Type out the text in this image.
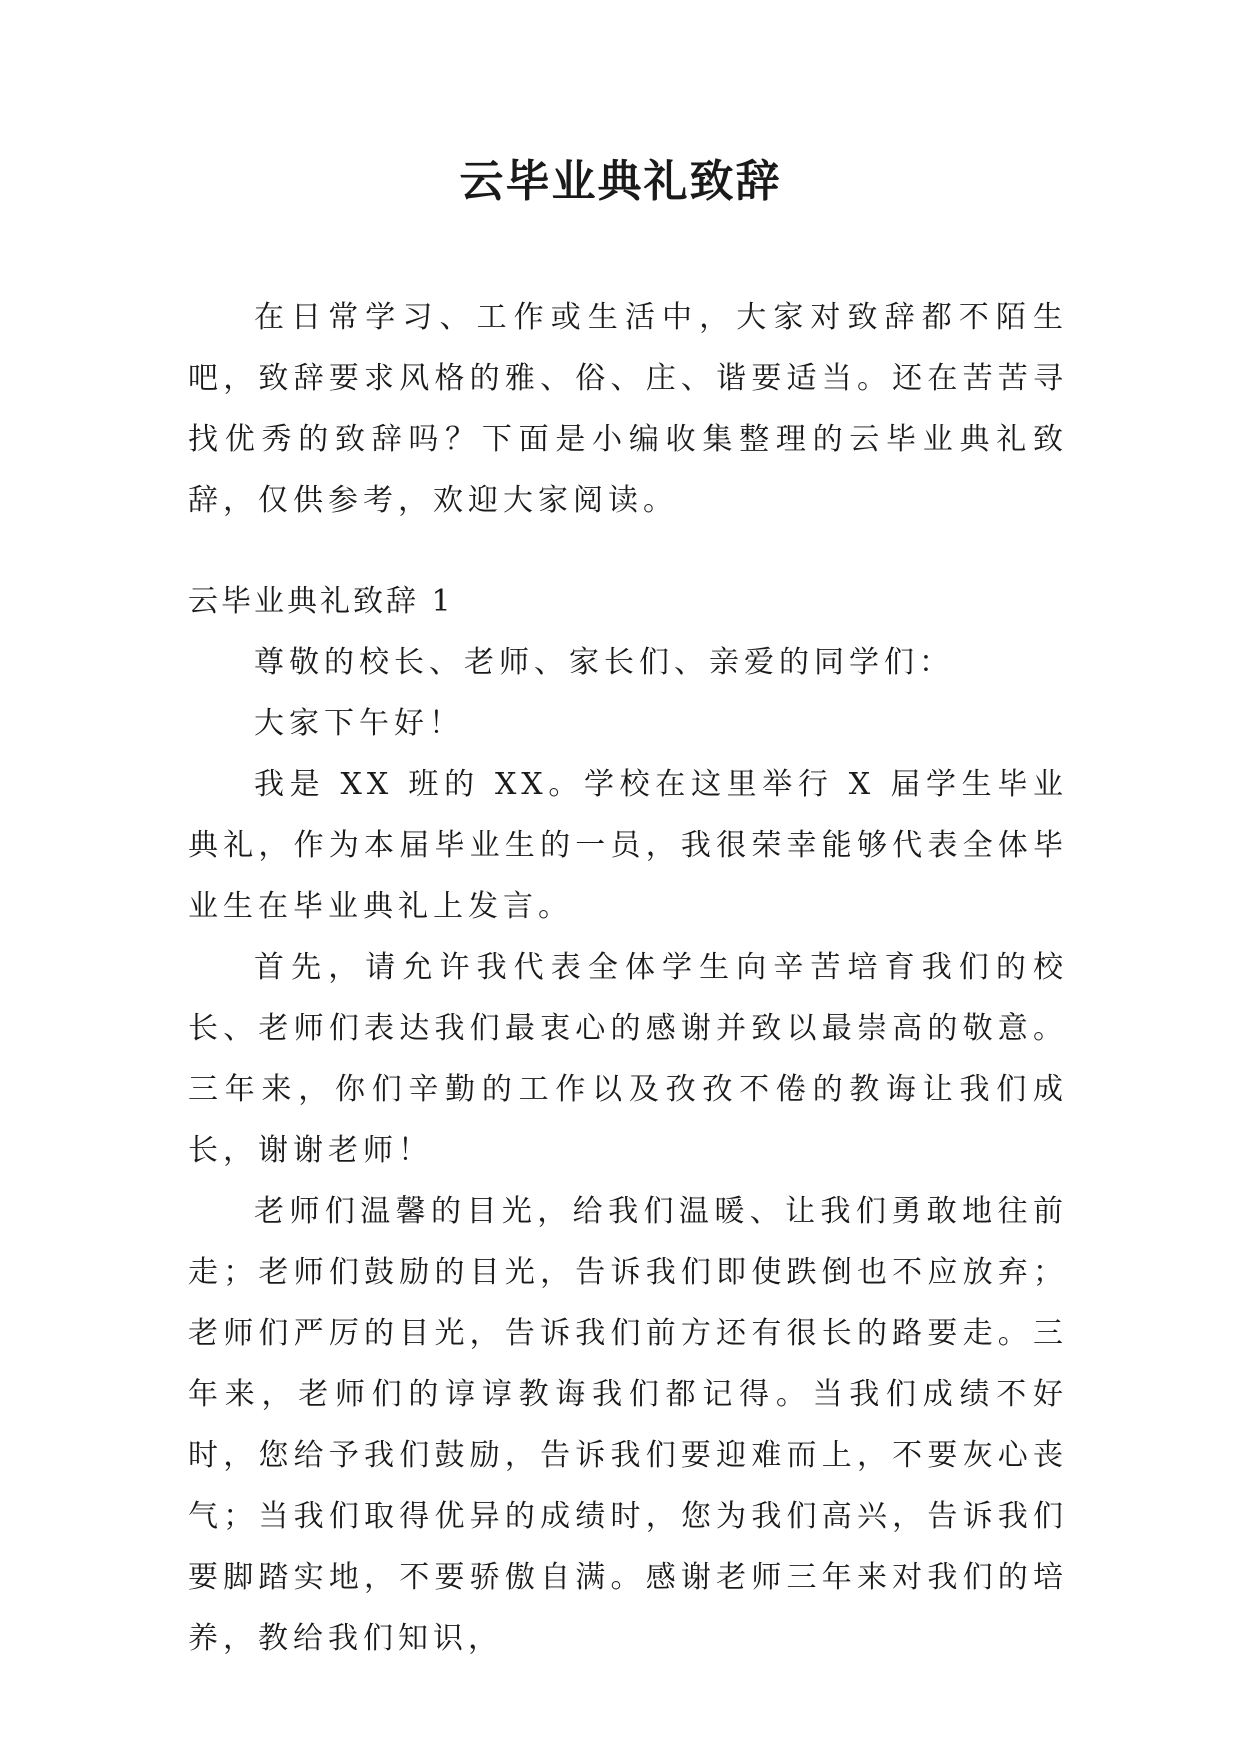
云毕业典礼致辞

在日常学习、工作或生活中，大家对致辞都不陌生吧，致辞要求风格的雅、俗、庄、谐要适当。还在苦苦寻找优秀的致辞吗？下面是小编收集整理的云毕业典礼致辞，仅供参考，欢迎大家阅读。

云毕业典礼致辞 1

尊敬的校长、老师、家长们、亲爱的同学们：

大家下午好！

我是 XX 班的 XX。学校在这里举行 X 届学生毕业典礼，作为本届毕业生的一员，我很荣幸能够代表全体毕业生在毕业典礼上发言。

首先，请允许我代表全体学生向辛苦培育我们的校长、老师们表达我们最衷心的感谢并致以最崇高的敬意。三年来，你们辛勤的工作以及孜孜不倦的教诲让我们成长，谢谢老师！

老师们温馨的目光，给我们温暖、让我们勇敢地往前走；老师们鼓励的目光，告诉我们即使跌倒也不应放弃；老师们严厉的目光，告诉我们前方还有很长的路要走。三年来，老师们的谆谆教诲我们都记得。当我们成绩不好时，您给予我们鼓励，告诉我们要迎难而上，不要灰心丧气；当我们取得优异的成绩时，您为我们高兴，告诉我们要脚踏实地，不要骄傲自满。感谢老师三年来对我们的培养，教给我们知识，
